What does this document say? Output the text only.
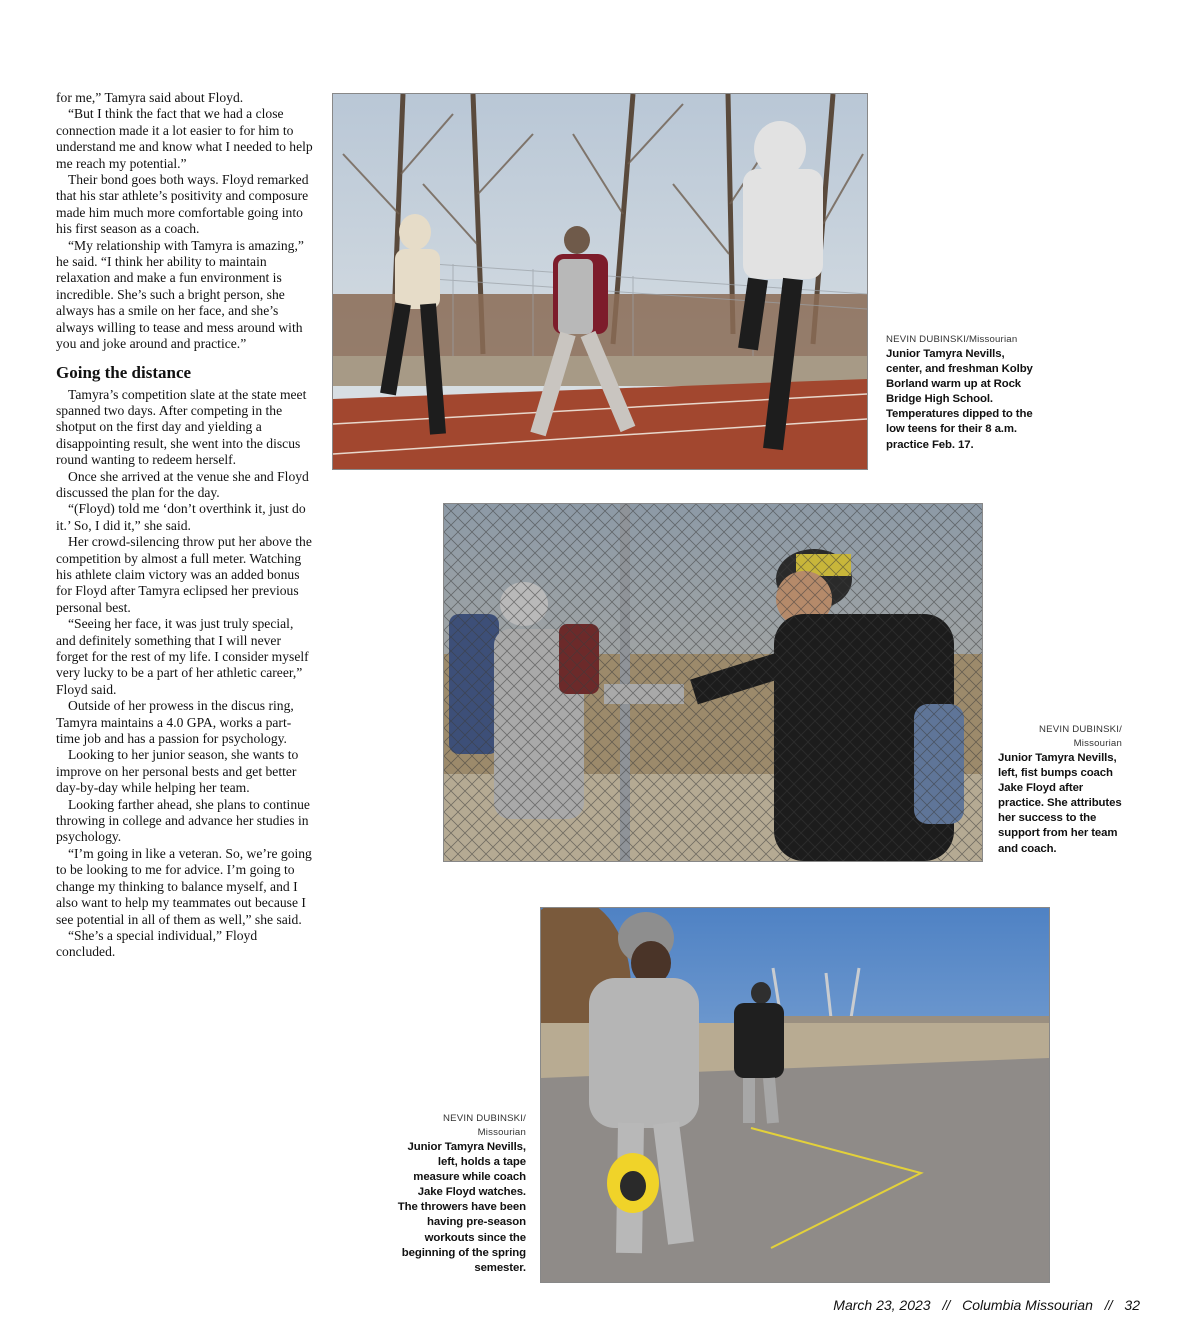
for me,” Tamyra said about Floyd.

“But I think the fact that we had a close connection made it a lot easier to for him to understand me and know what I needed to help me reach my potential.”

Their bond goes both ways. Floyd remarked that his star athlete’s positivity and composure made him much more comfortable going into his first season as a coach.

“My relationship with Tamyra is amazing,” he said. “I think her ability to maintain relaxation and make a fun environment is incredible. She’s such a bright person, she always has a smile on her face, and she’s always willing to tease and mess around with you and joke around and practice.”

Going the distance

Tamyra’s competition slate at the state meet spanned two days. After competing in the shotput on the first day and yielding a disappointing result, she went into the discus round wanting to redeem herself.

Once she arrived at the venue she and Floyd discussed the plan for the day.

“(Floyd) told me ‘don’t overthink it, just do it.’ So, I did it,” she said.

Her crowd-silencing throw put her above the competition by almost a full meter. Watching his athlete claim victory was an added bonus for Floyd after Tamyra eclipsed her previous personal best.

“Seeing her face, it was just truly special, and definitely something that I will never forget for the rest of my life. I consider myself very lucky to be a part of her athletic career,” Floyd said.

Outside of her prowess in the discus ring, Tamyra maintains a 4.0 GPA, works a part-time job and has a passion for psychology.

Looking to her junior season, she wants to improve on her personal bests and get better day-by-day while helping her team.

Looking farther ahead, she plans to continue throwing in college and advance her studies in psychology.

“I’m going in like a veteran. So, we’re going to be looking to me for advice. I’m going to change my thinking to balance myself, and I also want to help my teammates out because I see potential in all of them as well,” she said.

“She’s a special individual,” Floyd concluded.

NEVIN DUBINSKI/Missourian
Junior Tamyra Nevills, center, and freshman Kolby Borland warm up at Rock Bridge High School. Temperatures dipped to the low teens for their 8 a.m. practice Feb. 17.
NEVIN DUBINSKI/
Missourian
Junior Tamyra Nevills, left, fist bumps coach Jake Floyd after practice. She attributes her success to the support from her team and coach.
NEVIN DUBINSKI/
Missourian
Junior Tamyra Nevills, left, holds a tape measure while coach Jake Floyd watches. The throwers have been having pre-season workouts since the beginning of the spring semester.
March 23, 2023 // Columbia Missourian // 32
